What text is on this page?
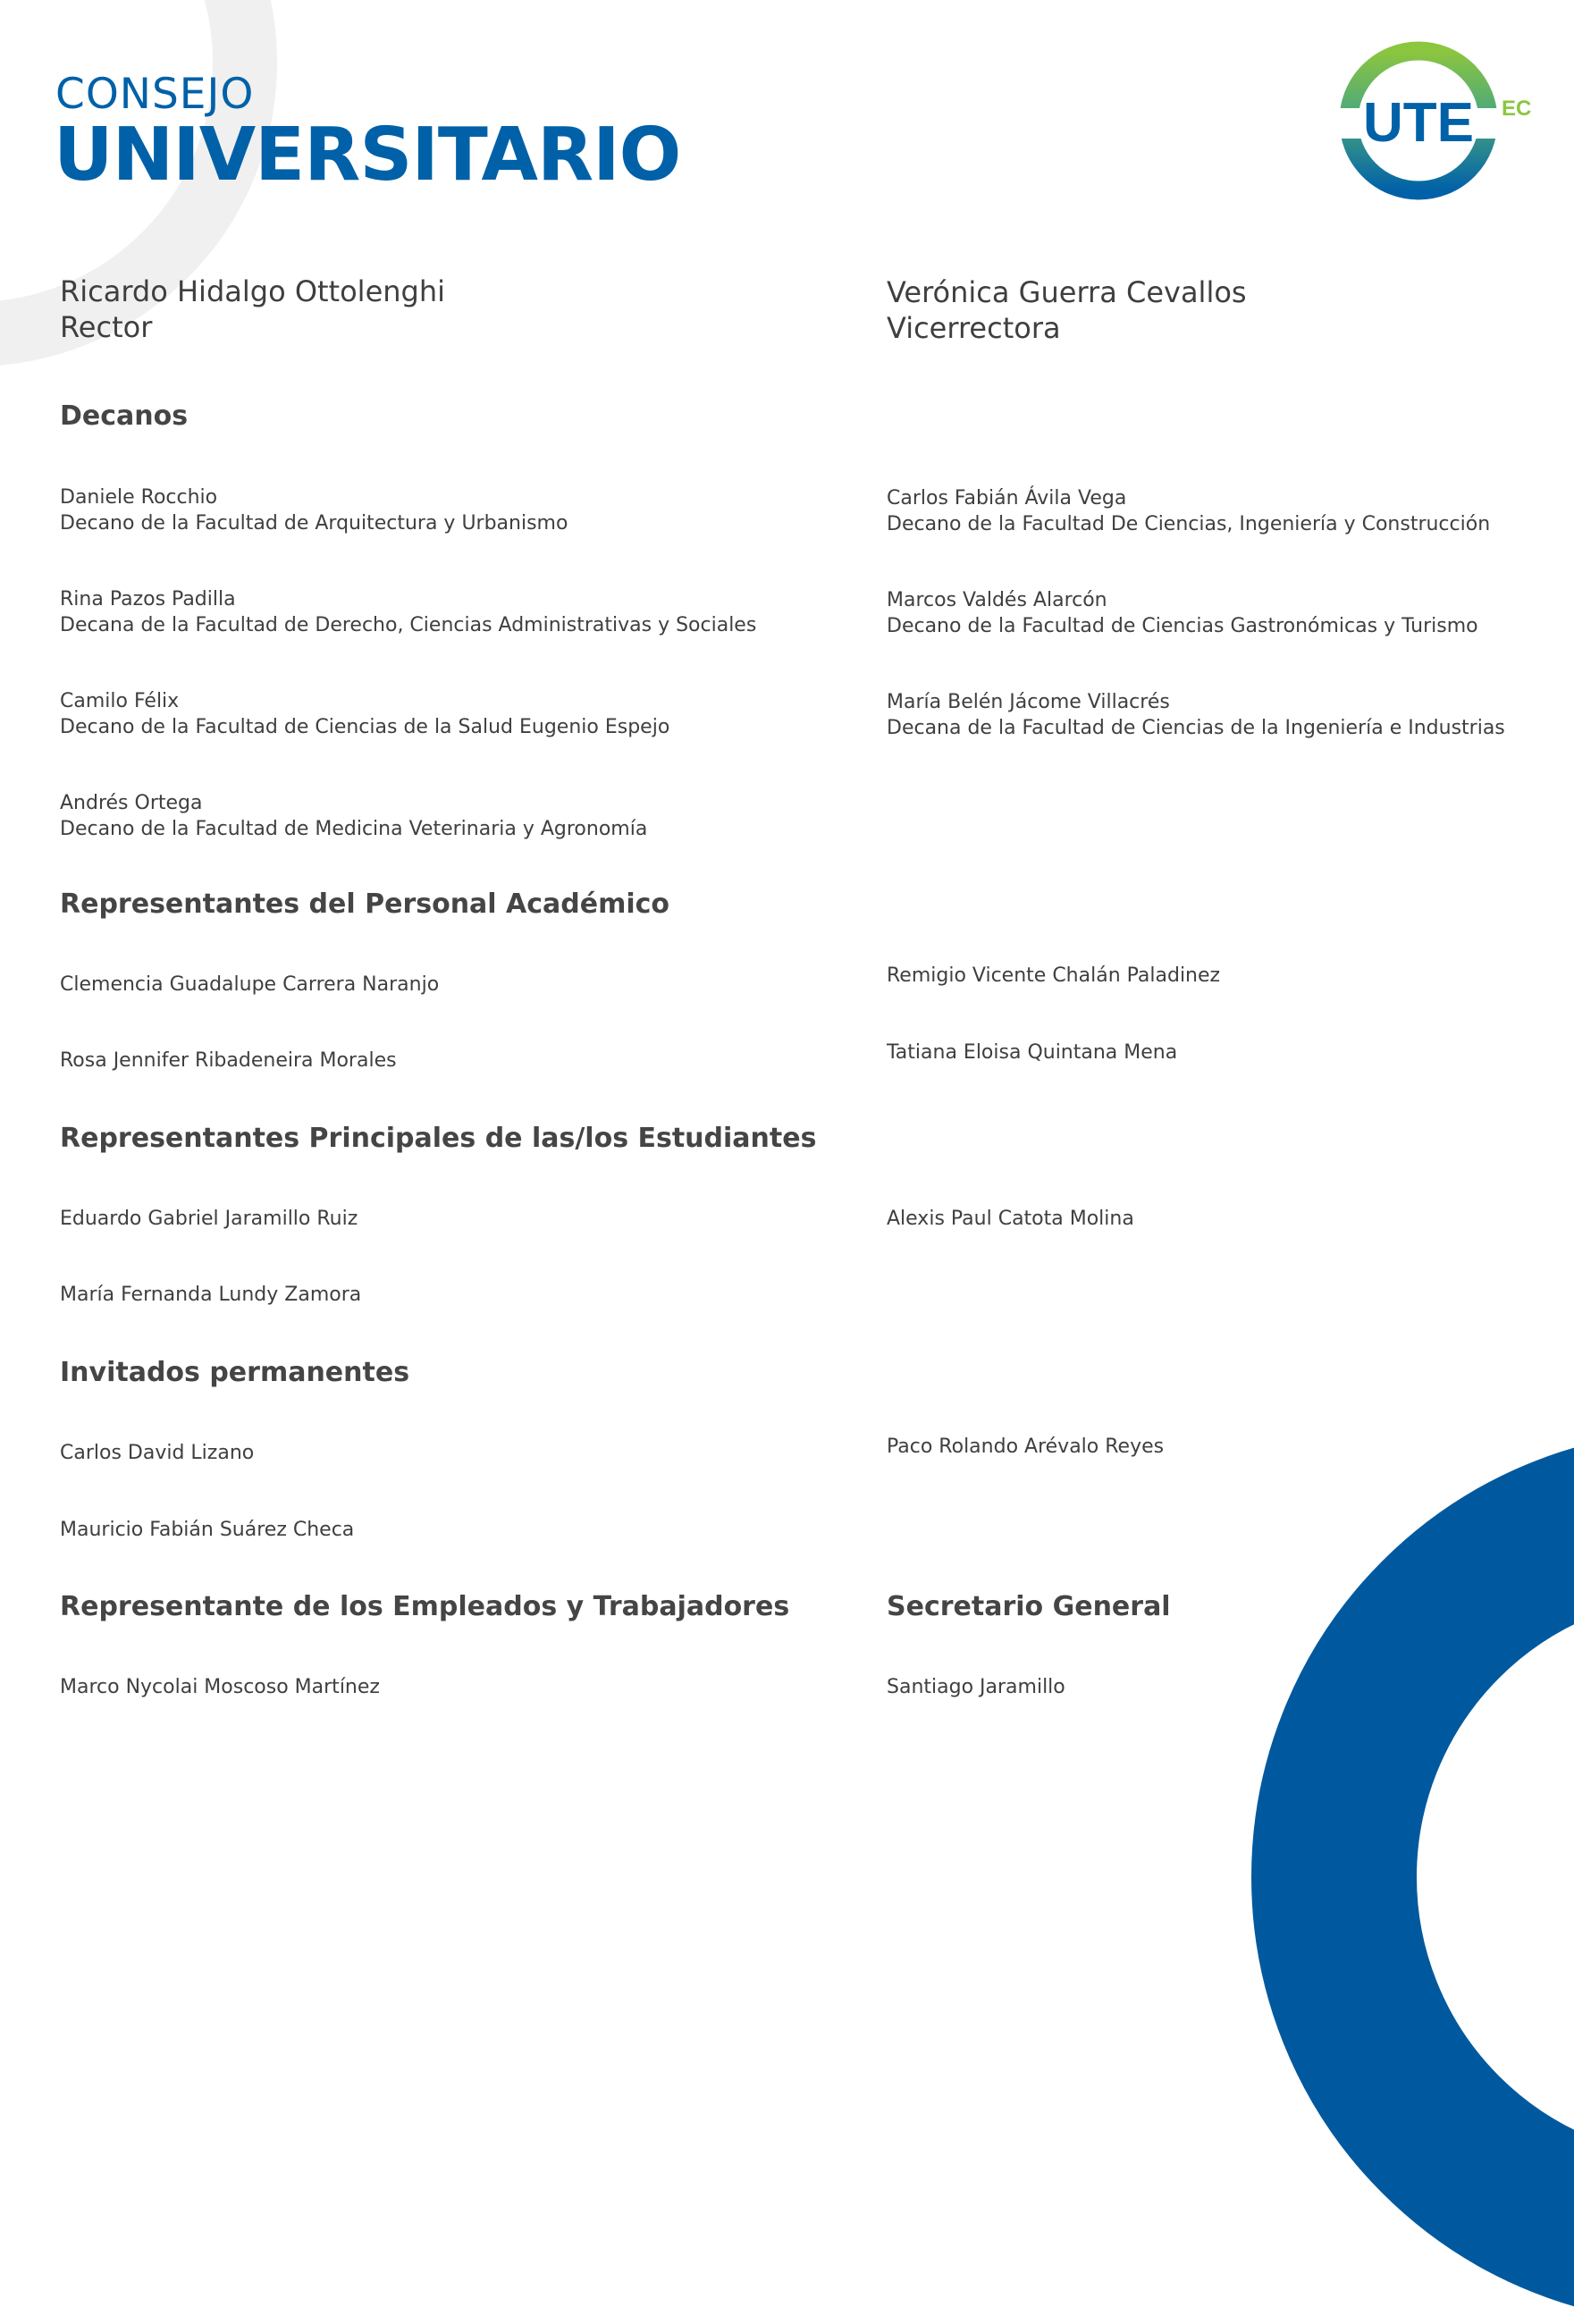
CONSEJO
UNIVERSITARIO	UTE EC
Ricardo Hidalgo Ottolenghi
Rector
Verónica Guerra Cevallos
Vicerrectora
Decanos
Daniele Rocchio
Decano de la Facultad de Arquitectura y Urbanismo
Carlos Fabián Ávila Vega
Decano de la Facultad De Ciencias, Ingeniería y Construcción
Rina Pazos Padilla
Decana de la Facultad de Derecho, Ciencias Administrativas y Sociales
Marcos Valdés Alarcón
Decano de la Facultad de Ciencias Gastronómicas y Turismo
Camilo Félix
Decano de la Facultad de Ciencias de la Salud Eugenio Espejo
María Belén Jácome Villacrés
Decana de la Facultad de Ciencias de la Ingeniería e Industrias
Andrés Ortega
Decano de la Facultad de Medicina Veterinaria y Agronomía
Representantes del Personal Académico
Clemencia Guadalupe Carrera Naranjo	Remigio Vicente Chalán Paladinez
Rosa Jennifer Ribadeneira Morales	Tatiana Eloisa Quintana Mena
Representantes Principales de las/los Estudiantes
Eduardo Gabriel Jaramillo Ruiz	Alexis Paul Catota Molina
María Fernanda Lundy Zamora
Invitados permanentes
Carlos David Lizano	Paco Rolando Arévalo Reyes
Mauricio Fabián Suárez Checa
Representante de los Empleados y Trabajadores	Secretario General
Marco Nycolai Moscoso Martínez	Santiago Jaramillo
